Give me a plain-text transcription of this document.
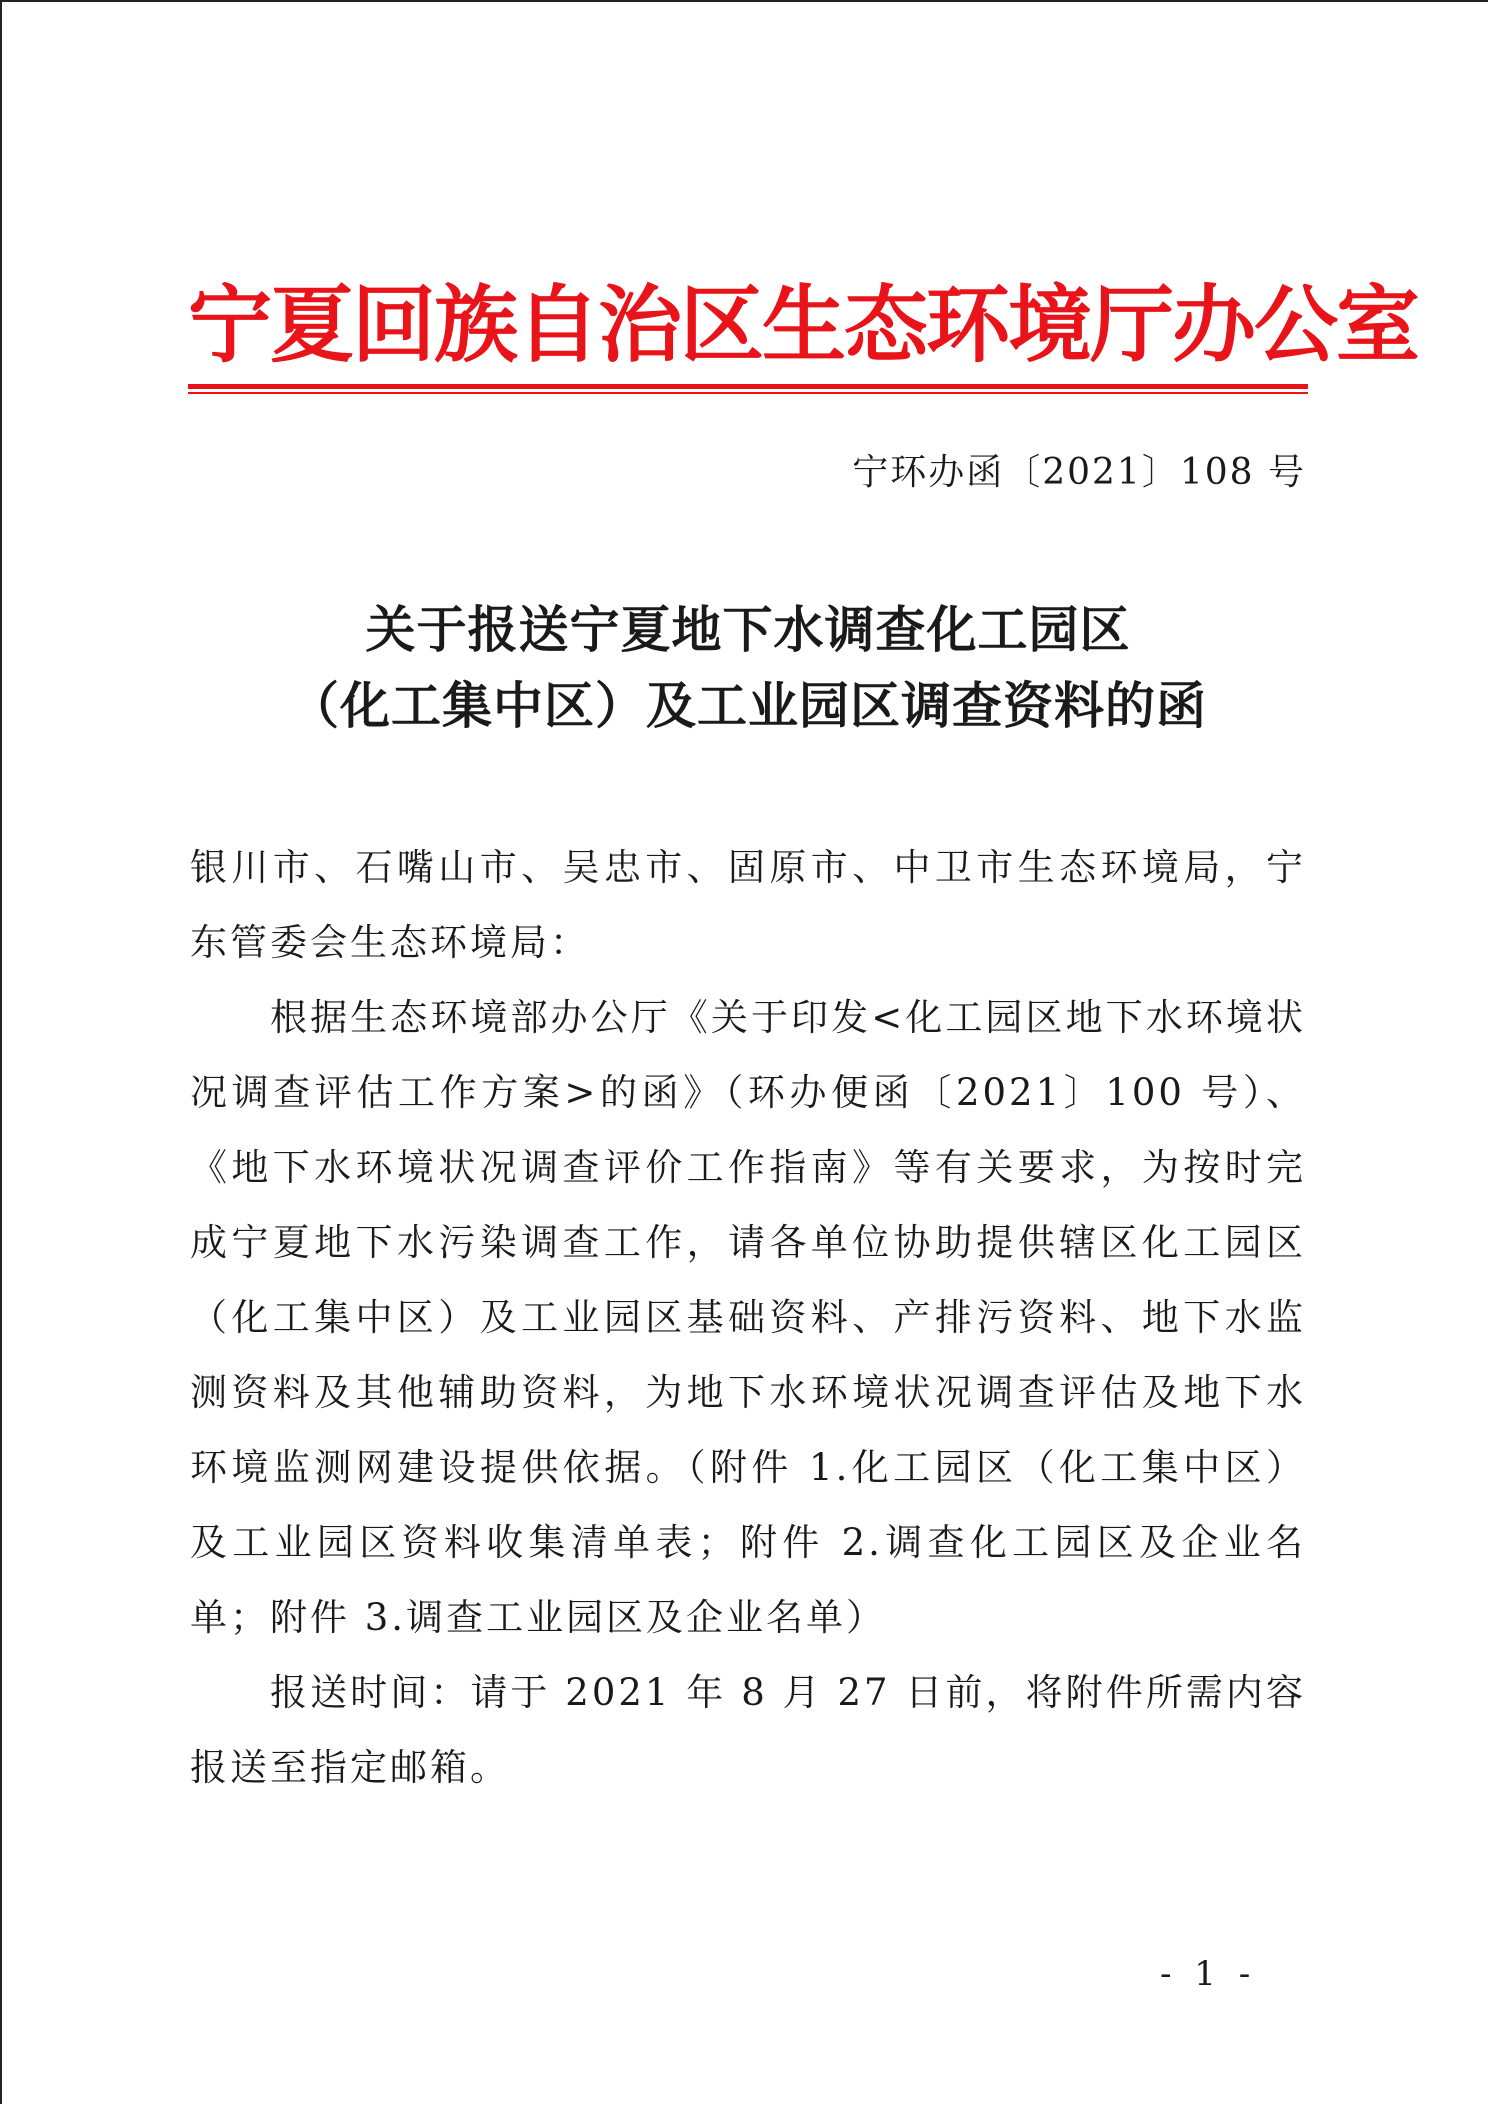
宁夏回族自治区生态环境厅办公室
宁环办函〔2021〕108 号
关于报送宁夏地下水调查化工园区
（化工集中区）及工业园区调查资料的函

银川市、石嘴山市、吴忠市、固原市、中卫市生态环境局，宁东管委会生态环境局：

根据生态环境部办公厅《关于印发<化工园区地下水环境状况调查评估工作方案>的函》（环办便函〔2021〕100 号）、《地下水环境状况调查评价工作指南》等有关要求，为按时完成宁夏地下水污染调查工作，请各单位协助提供辖区化工园区（化工集中区）及工业园区基础资料、产排污资料、地下水监测资料及其他辅助资料，为地下水环境状况调查评估及地下水环境监测网建设提供依据。（附件 1.化工园区（化工集中区）及工业园区资料收集清单表；附件 2.调查化工园区及企业名单；附件 3.调查工业园区及企业名单）

报送时间：请于 2021 年 8 月 27 日前，将附件所需内容报送至指定邮箱。

- 1 -
